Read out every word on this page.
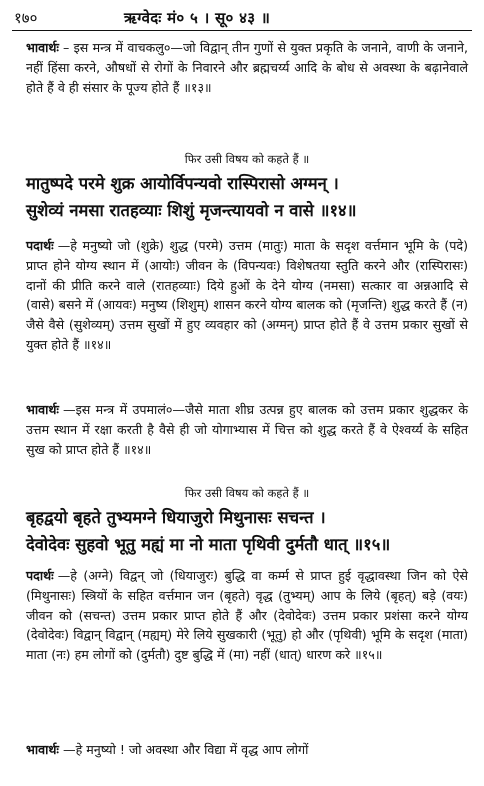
१७०	ऋग्वेदः मं० ५ । सू० ४३ ॥

भावार्थः – इस मन्त्र में वाचकलु०—जो विद्वान् तीन गुणों से युक्त प्रकृति के जनाने, वाणी के जनाने, नहीं हिंसा करने, औषधों से रोगों के निवारने और ब्रह्मचर्य्य आदि के बोध से अवस्था के बढ़ानेवाले होते हैं वे ही संसार के पूज्य होते हैं ॥१३॥

फिर उसी विषय को कहते हैं ॥
मातुष्पदे परमे शुक्र आयोर्विपन्यवो रास्पिरासो अग्मन् ।
सुशेव्यं नमसा रातहव्याः शिशुं मृजन्त्यायवो न वासे ॥१४॥

पदार्थः —हे मनुष्यो जो (शुक्रे) शुद्ध (परमे) उत्तम (मातुः) माता के सदृश वर्त्तमान भूमि के (पदे) प्राप्त होने योग्य स्थान में (आयोः) जीवन के (विपन्यवः) विशेषतया स्तुति करने और (रास्पिरासः) दानों की प्रीति करने वाले (रातहव्याः) दिये हुओं के देने योग्य (नमसा) सत्कार वा अन्नआदि से (वासे) बसने में (आयवः) मनुष्य (शिशुम्) शासन करने योग्य बालक को (मृजन्ति) शुद्ध करते हैं (न) जैसे वैसे (सुशेव्यम्) उत्तम सुखों में हुए व्यवहार को (अग्मन्) प्राप्त होते हैं वे उत्तम प्रकार सुखों से युक्त होते हैं ॥१४॥

भावार्थः —इस मन्त्र में उपमालं०—जैसे माता शीघ्र उत्पन्न हुए बालक को उत्तम प्रकार शुद्धकर के उत्तम स्थान में रक्षा करती है वैसे ही जो योगाभ्यास में चित्त को शुद्ध करते हैं वे ऐश्वर्य्य के सहित सुख को प्राप्त होते हैं ॥१४॥

फिर उसी विषय को कहते हैं ॥
बृहद्वयो बृहते तुभ्यमग्ने धियाजुरो मिथुनासः सचन्त ।
देवोदेवः सुहवो भूतु मह्यं मा नो माता पृथिवी दुर्मतौ धात् ॥१५॥

पदार्थः —हे (अग्ने) विद्वन् जो (धियाजुरः) बुद्धि वा कर्म्म से प्राप्त हुई वृद्धावस्था जिन को ऐसे (मिथुनासः) स्त्रियों के सहित वर्त्तमान जन (बृहते) वृद्ध (तुभ्यम्) आप के लिये (बृहत्) बड़े (वयः) जीवन को (सचन्त) उत्तम प्रकार प्राप्त होते हैं और (देवोदेवः) उत्तम प्रकार प्रशंसा करने योग्य (देवोदेवः) विद्वान् विद्वान् (मह्यम्) मेरे लिये सुखकारी (भूतु) हो और (पृथिवी) भूमि के सदृश (माता) माता (नः) हम लोगों को (दुर्मतौ) दुष्ट बुद्धि में (मा) नहीं (धात्) धारण करे ॥१५॥

भावार्थः —हे मनुष्यो ! जो अवस्था और विद्या में वृद्ध आप लोगों
